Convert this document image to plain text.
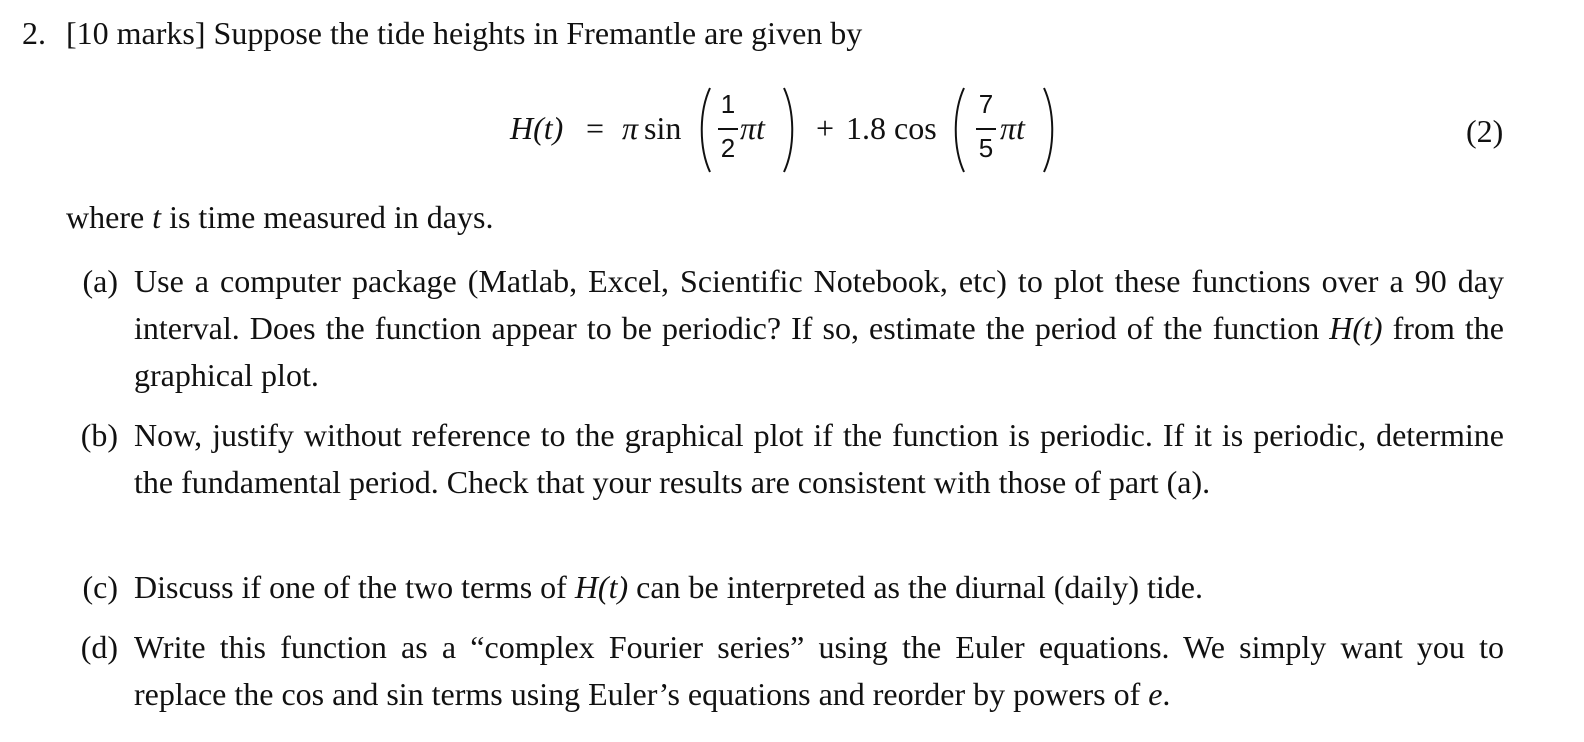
2. [10 marks] Suppose the tide heights in Fremantle are given by
H(t) = π sin
1
2
πt + 1.8 cos
7
5
πt	(2)
where t is time measured in days.
(a) Use a computer package (Matlab, Excel, Scientific Notebook, etc) to plot these functions over a 90 day interval. Does the function appear to be periodic? If so, estimate the period of the function H(t) from the graphical plot.
(b) Now, justify without reference to the graphical plot if the function is periodic. If it is periodic, determine the fundamental period. Check that your results are consistent with those of part (a).
(c) Discuss if one of the two terms of H(t) can be interpreted as the diurnal (daily) tide.
(d) Write this function as a “complex Fourier series” using the Euler equations. We simply want you to replace the cos and sin terms using Euler’s equations and reorder by powers of e.
